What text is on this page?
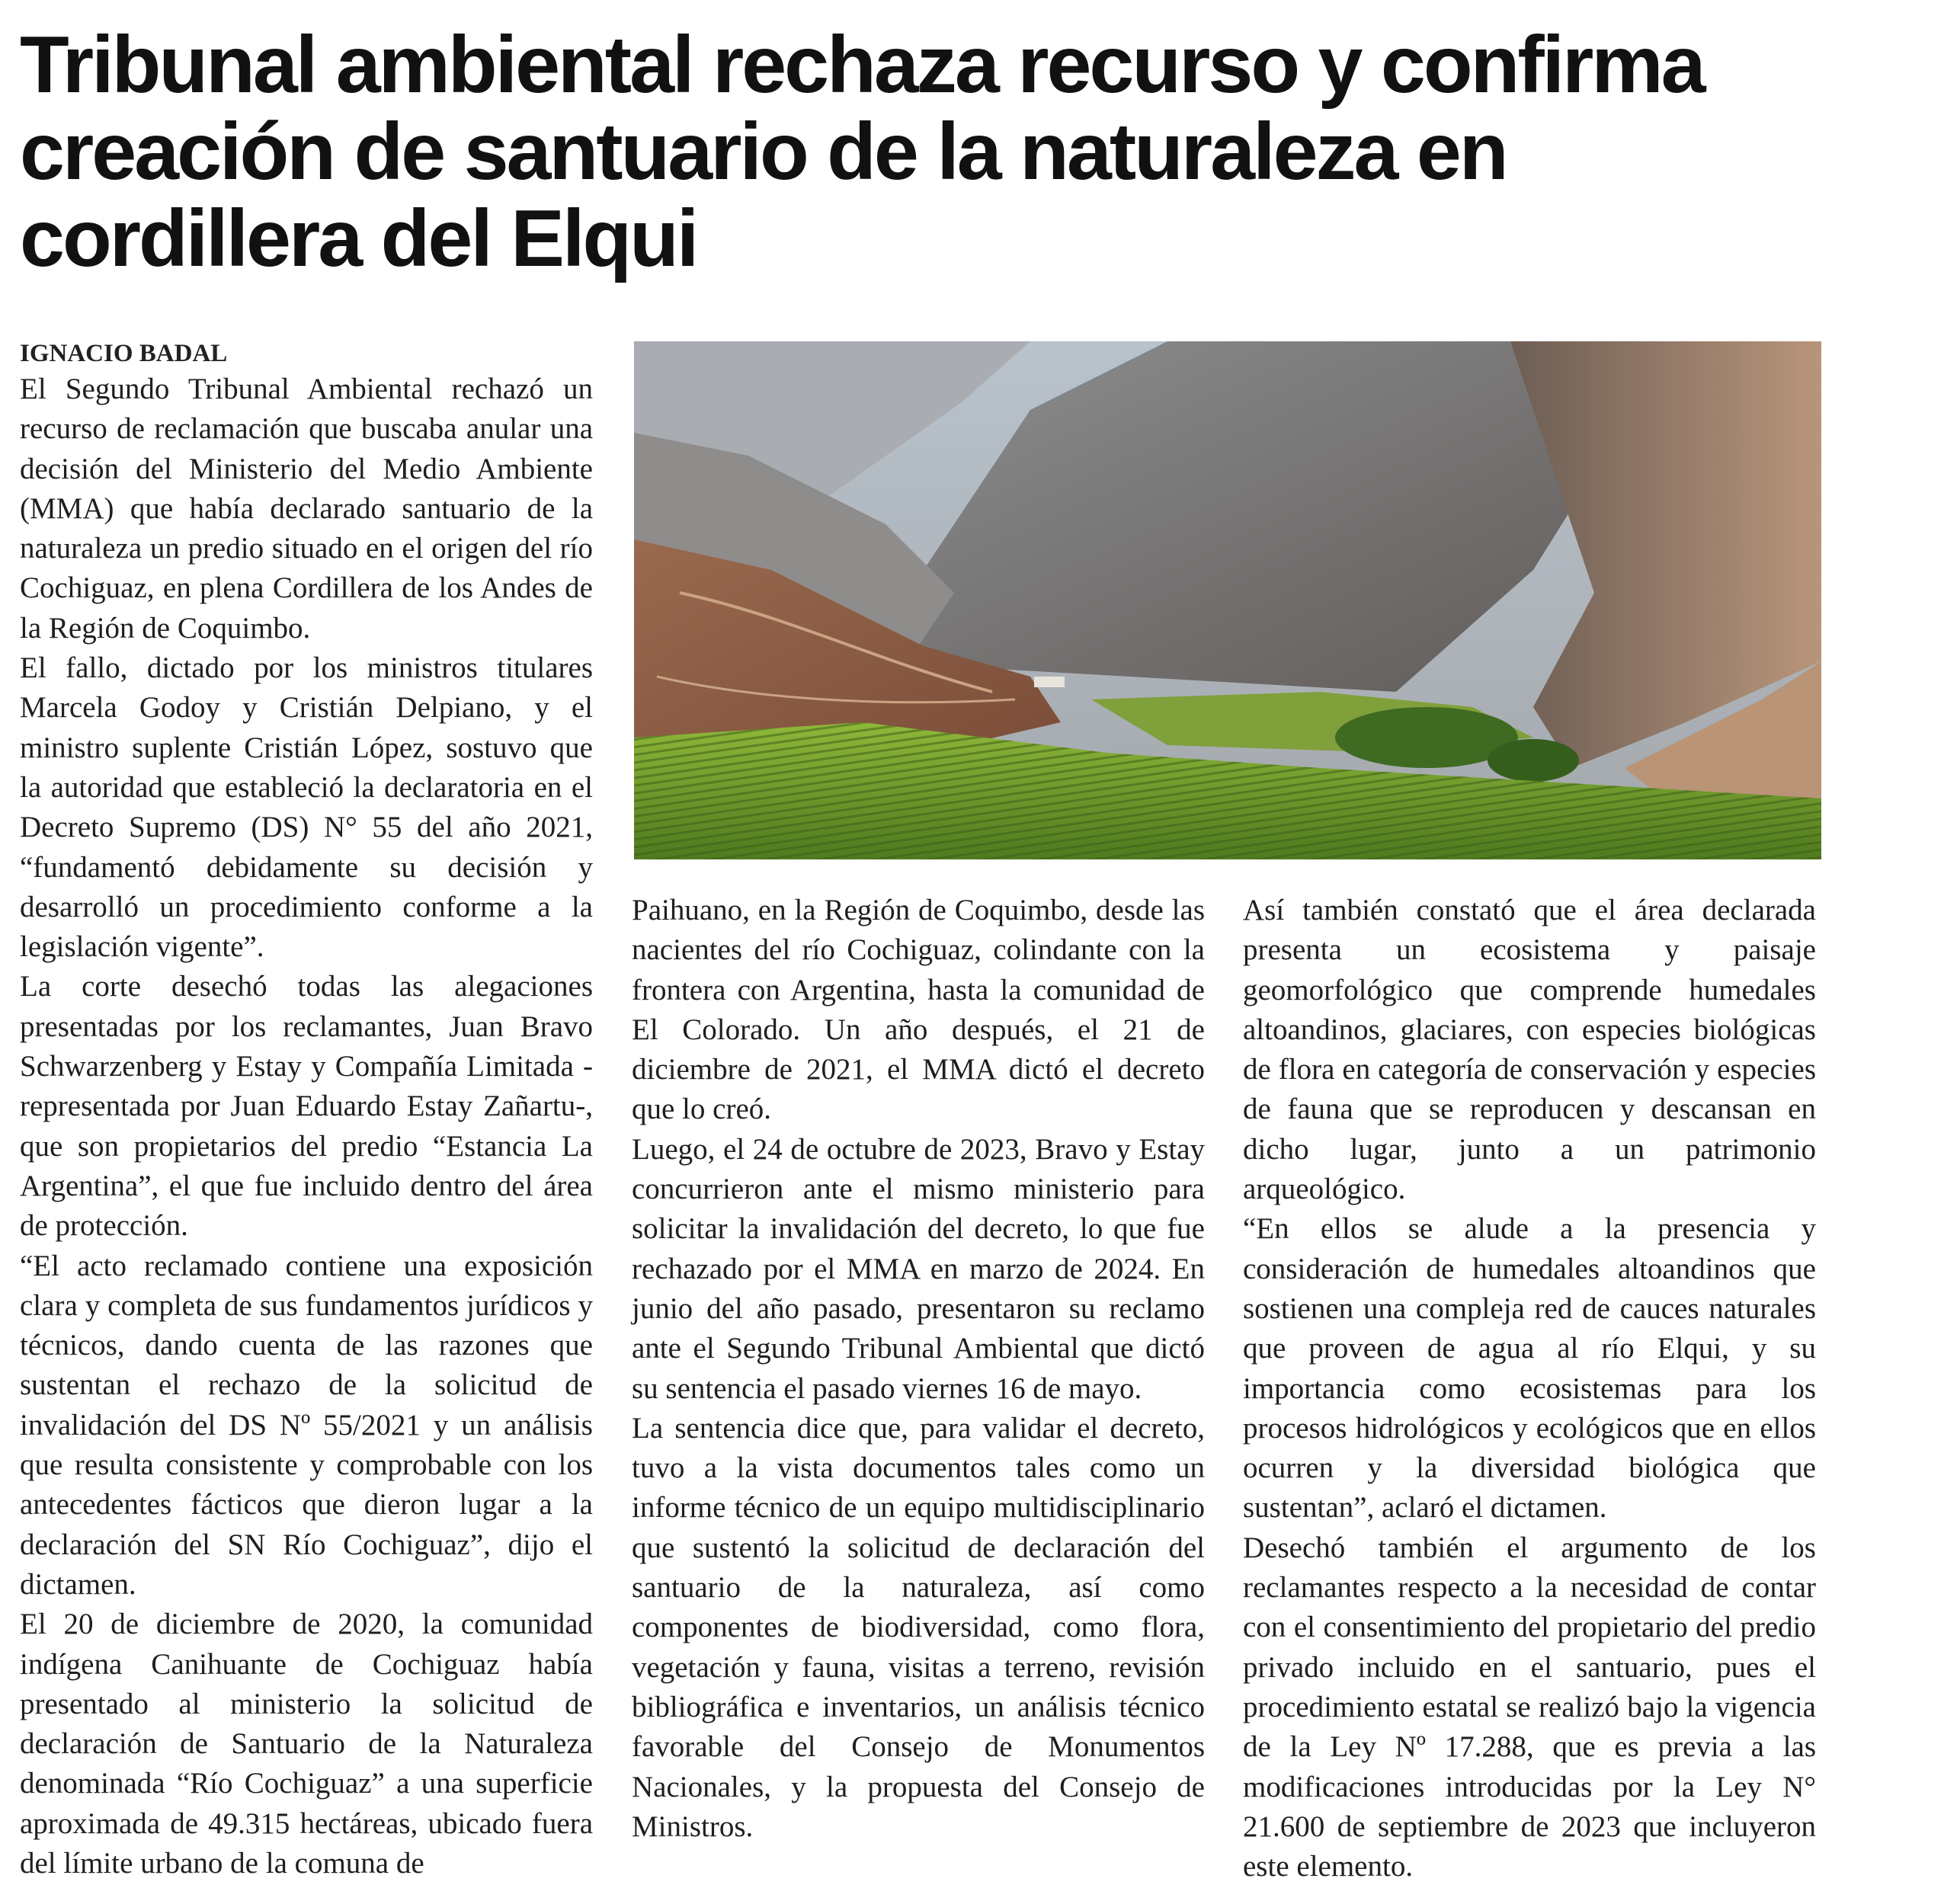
Tribunal ambiental rechaza recurso y confirma
creación de santuario de la naturaleza en
cordillera del Elqui
IGNACIO BADAL

El Segundo Tribunal Ambiental rechazó un recurso de reclamación que buscaba anular una decisión del Ministerio del Medio Ambiente (MMA) que había declarado santuario de la naturaleza un predio situado en el origen del río Cochiguaz, en plena Cordillera de los Andes de la Región de Coquimbo.

El fallo, dictado por los ministros titulares Marcela Godoy y Cristián Delpiano, y el ministro suplente Cristián López, sostuvo que la autoridad que estableció la declaratoria en el Decreto Supremo (DS) N° 55 del año 2021, “fundamentó debidamente su decisión y desarrolló un procedimiento conforme a la legislación vigente”.

La corte desechó todas las alegaciones presentadas por los reclamantes, Juan Bravo Schwarzenberg y Estay y Compañía Limitada -representada por Juan Eduardo Estay Zañartu-, que son propietarios del predio “Estancia La Argentina”, el que fue incluido dentro del área de protección.

“El acto reclamado contiene una exposición clara y completa de sus fundamentos jurídicos y técnicos, dando cuenta de las razones que sustentan el rechazo de la solicitud de invalidación del DS Nº 55/2021 y un análisis que resulta consistente y comprobable con los antecedentes fácticos que dieron lugar a la declaración del SN Río Cochiguaz”, dijo el dictamen.

El 20 de diciembre de 2020, la comunidad indígena Canihuante de Cochiguaz había presentado al ministerio la solicitud de declaración de Santuario de la Naturaleza denominada “Río Cochiguaz” a una superficie aproximada de 49.315 hectáreas, ubicado fuera del límite urbano de la comuna de

Paihuano, en la Región de Coquimbo, desde las nacientes del río Cochiguaz, colindante con la frontera con Argentina, hasta la comunidad de El Colorado. Un año después, el 21 de diciembre de 2021, el MMA dictó el decreto que lo creó.

Luego, el 24 de octubre de 2023, Bravo y Estay concurrieron ante el mismo ministerio para solicitar la invalidación del decreto, lo que fue rechazado por el MMA en marzo de 2024. En junio del año pasado, presentaron su reclamo ante el Segundo Tribunal Ambiental que dictó su sentencia el pasado viernes 16 de mayo.

La sentencia dice que, para validar el decreto, tuvo a la vista documentos tales como un informe técnico de un equipo multidisciplinario que sustentó la solicitud de declaración del santuario de la naturaleza, así como componentes de biodiversidad, como flora, vegetación y fauna, visitas a terreno, revisión bibliográfica e inventarios, un análisis técnico favorable del Consejo de Monumentos Nacionales, y la propuesta del Consejo de Ministros.

Así también constató que el área declarada presenta un ecosistema y paisaje geomorfológico que comprende humedales altoandinos, glaciares, con especies biológicas de flora en categoría de conservación y especies de fauna que se reproducen y descansan en dicho lugar, junto a un patrimonio arqueológico.

“En ellos se alude a la presencia y consideración de humedales altoandinos que sostienen una compleja red de cauces naturales que proveen de agua al río Elqui, y su importancia como ecosistemas para los procesos hidrológicos y ecológicos que en ellos ocurren y la diversidad biológica que sustentan”, aclaró el dictamen.

Desechó también el argumento de los reclamantes respecto a la necesidad de contar con el consentimiento del propietario del predio privado incluido en el santuario, pues el procedimiento estatal se realizó bajo la vigencia de la Ley Nº 17.288, que es previa a las modificaciones introducidas por la Ley N° 21.600 de septiembre de 2023 que incluyeron este elemento.
